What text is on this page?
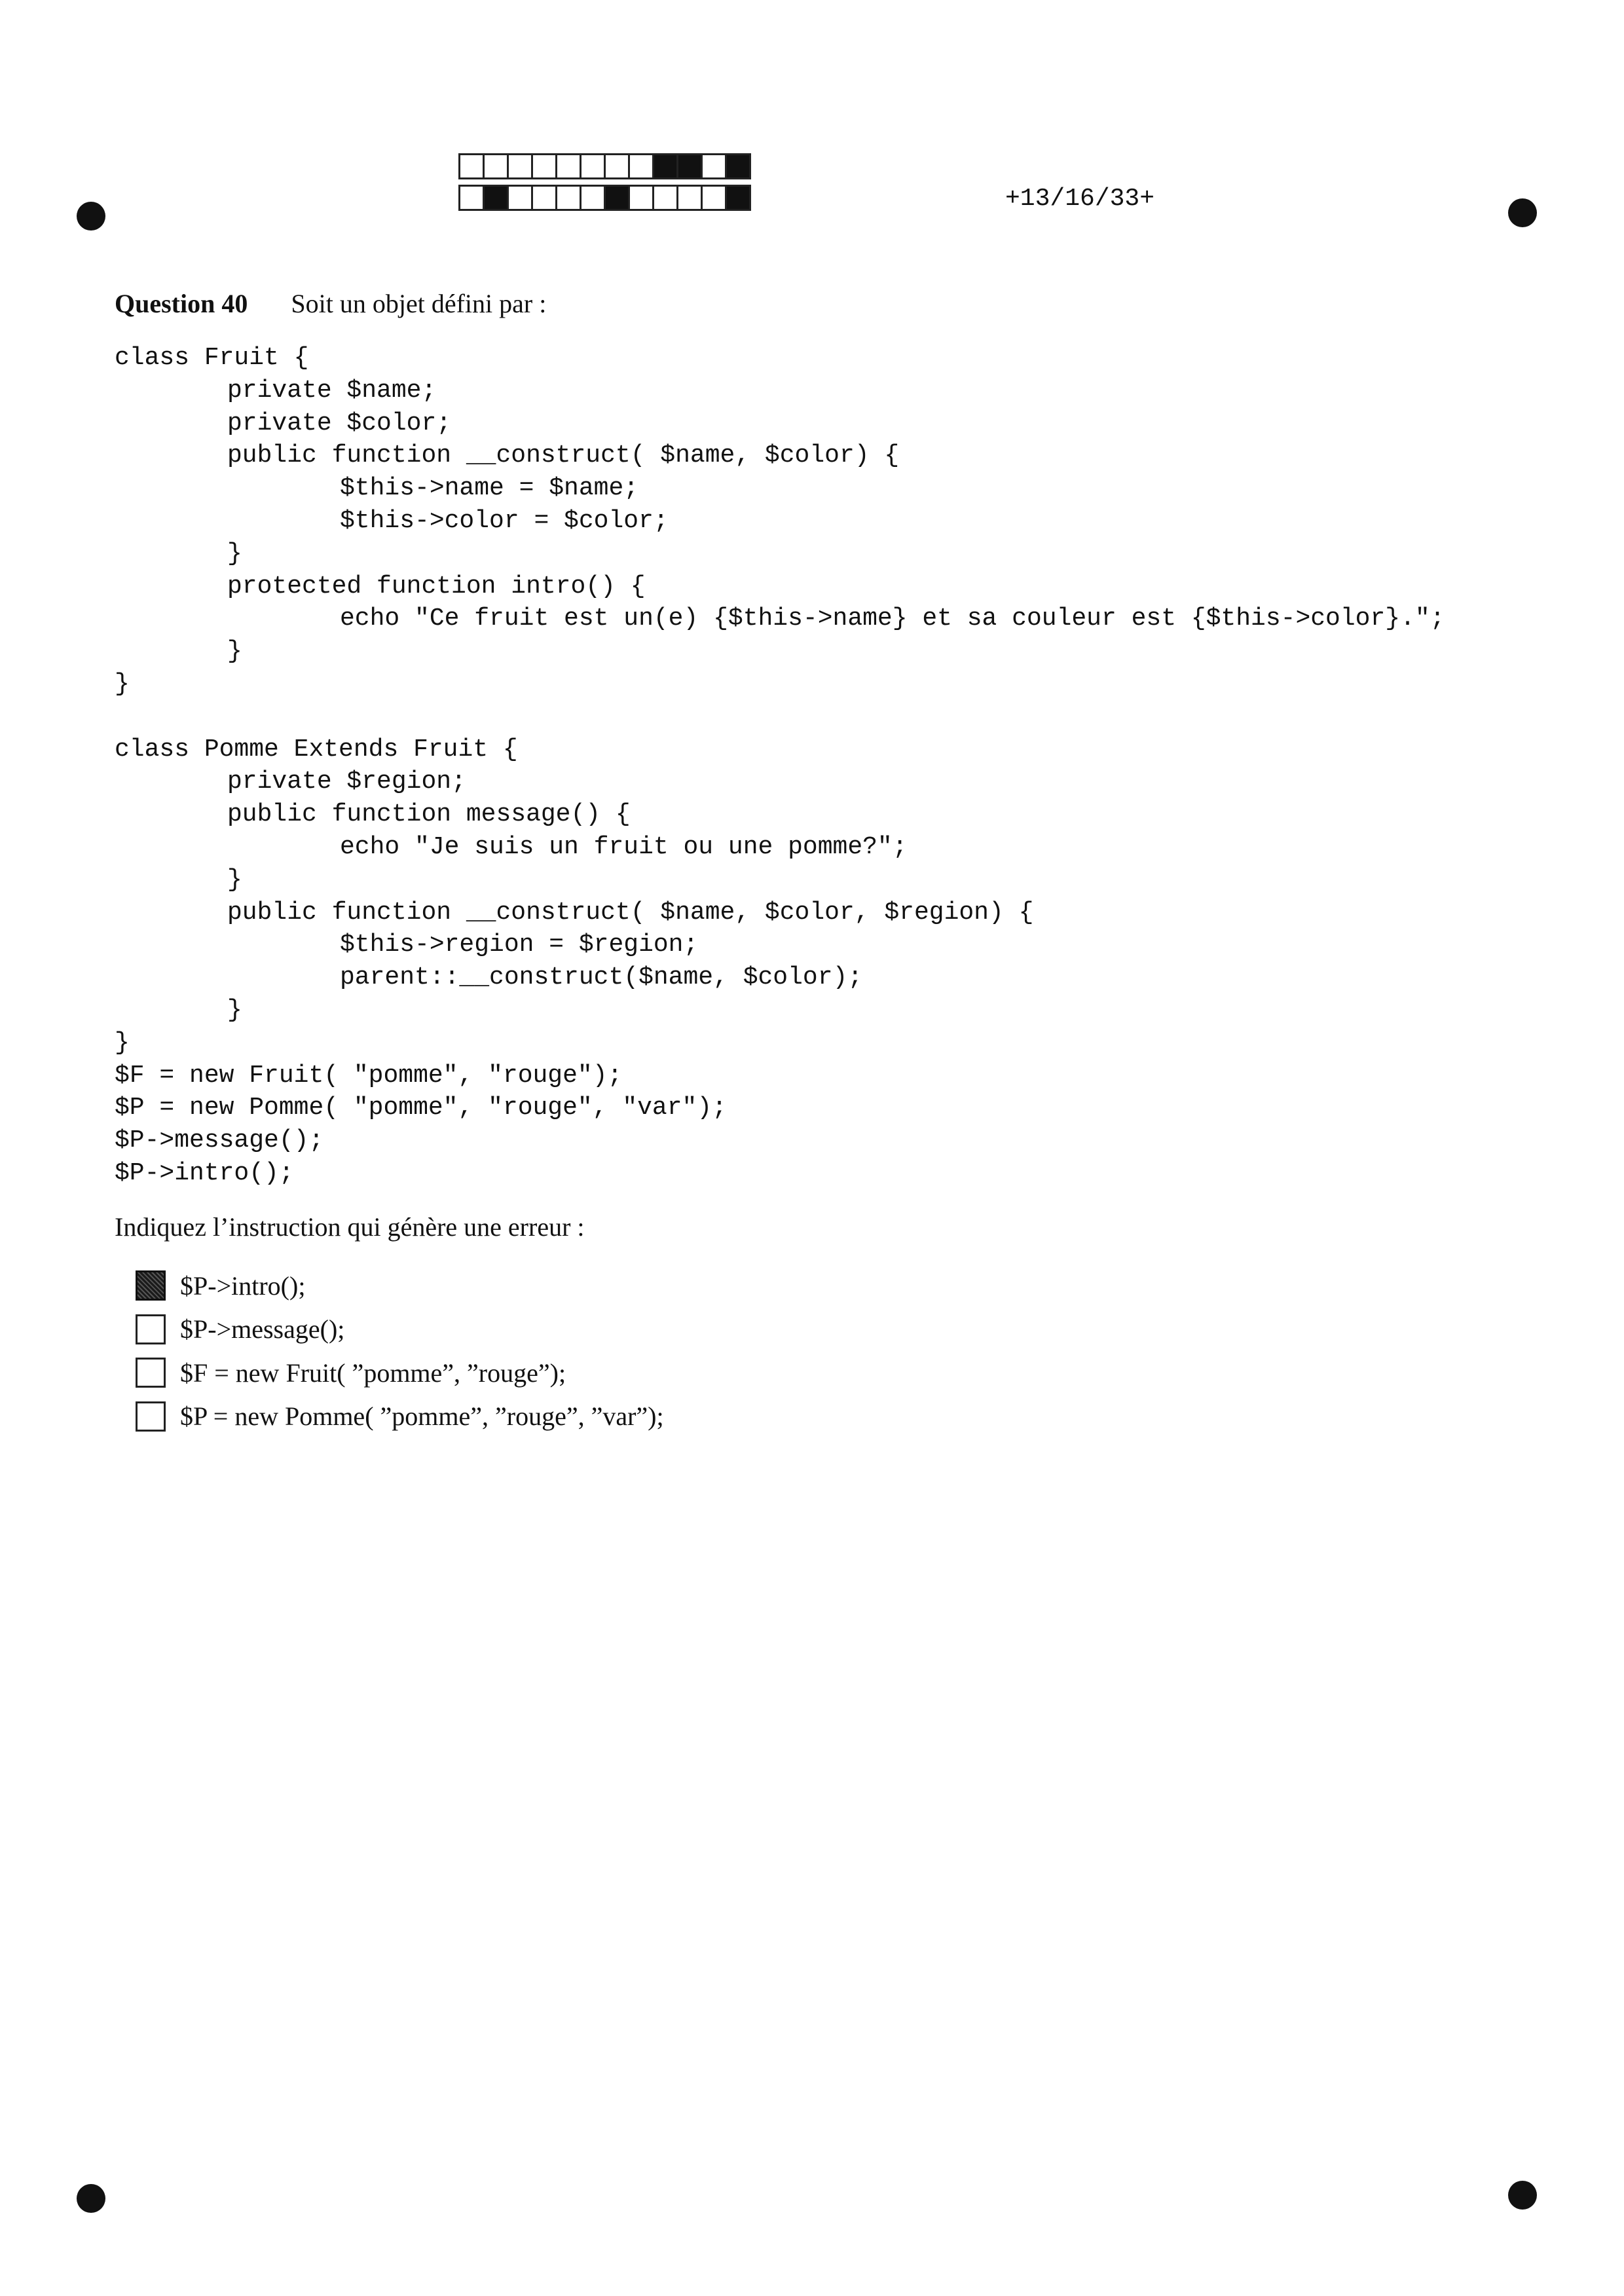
+13/16/33+
Question 40 Soit un objet défini par :
class Fruit {
private $name;
private $color;
public function __construct( $name, $color) {
$this->name = $name;
$this->color = $color;
}
protected function intro() {
echo "Ce fruit est un(e) {$this->name} et sa couleur est {$this->color}.";
}
}
class Pomme Extends Fruit {
private $region;
public function message() {
echo "Je suis un fruit ou une pomme?";
}
public function __construct( $name, $color, $region) {
$this->region = $region;
parent::__construct($name, $color);
}
}
$F = new Fruit( "pomme", "rouge");
$P = new Pomme( "pomme", "rouge", "var");
$P->message();
$P->intro();
Indiquez l’instruction qui génère une erreur :
$P->intro();
$P->message();
$F = new Fruit( ”pomme”, ”rouge”);
$P = new Pomme( ”pomme”, ”rouge”, ”var”);
